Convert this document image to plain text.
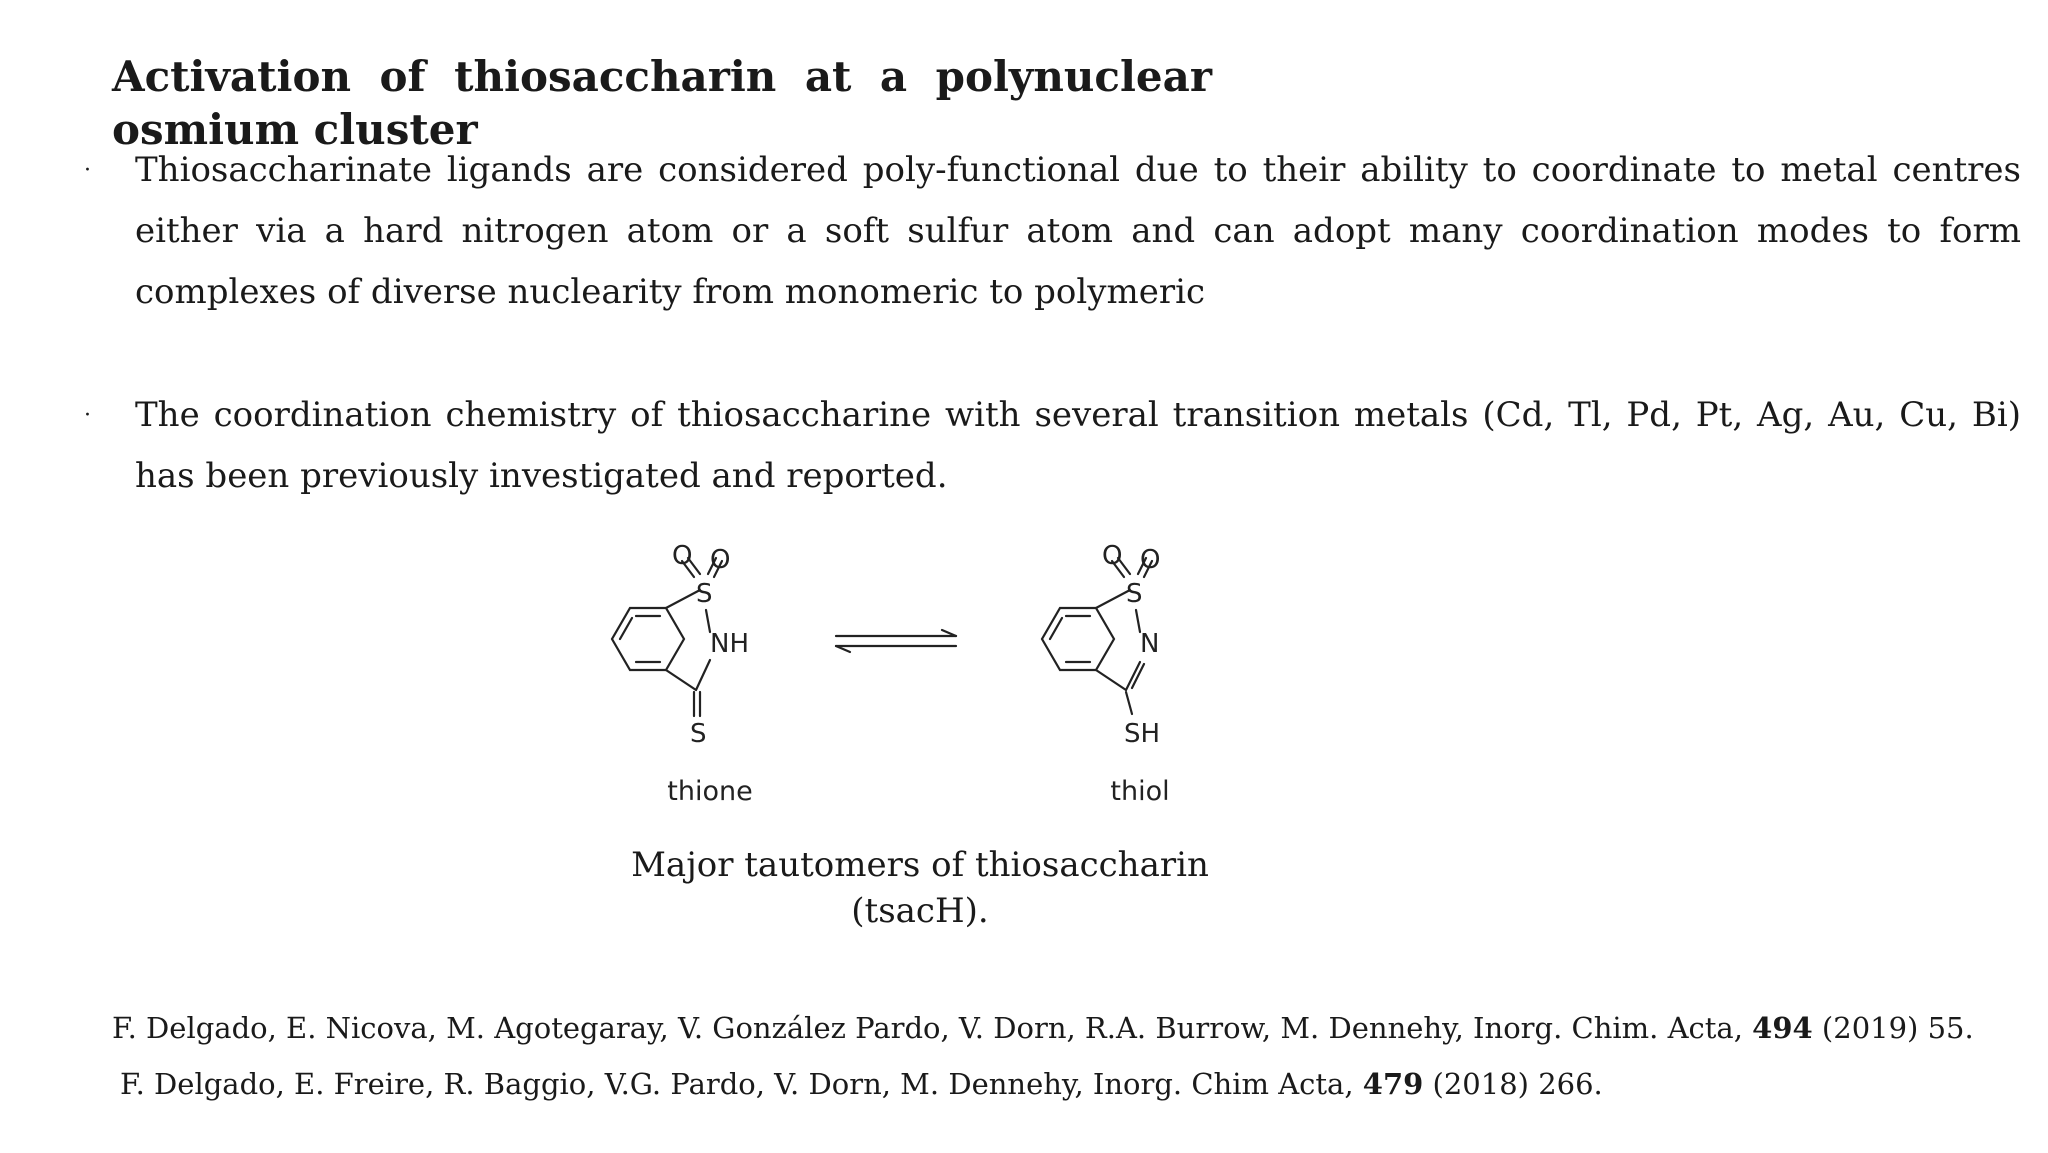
Activation of thiosaccharin at a polynuclear
osmium cluster
· Thiosaccharinate ligands are considered poly-functional due to their ability to coordinate to metal centres either via a hard nitrogen atom or a soft sulfur atom and can adopt many coordination modes to form complexes of diverse nuclearity from monomeric to polymeric

· The coordination chemistry of thiosaccharine with several transition metals (Cd, Tl, Pd, Pt, Ag, Au, Cu, Bi) has been previously investigated and reported.

O O
S
NH
S
O O
S
N
SH
thione	thiol
Major tautomers of thiosaccharin
(tsacH).
F. Delgado, E. Nicova, M. Agotegaray, V. González Pardo, V. Dorn, R.A. Burrow, M. Dennehy, Inorg. Chim. Acta, 494 (2019) 55.
F. Delgado, E. Freire, R. Baggio, V.G. Pardo, V. Dorn, M. Dennehy, Inorg. Chim Acta, 479 (2018) 266.
